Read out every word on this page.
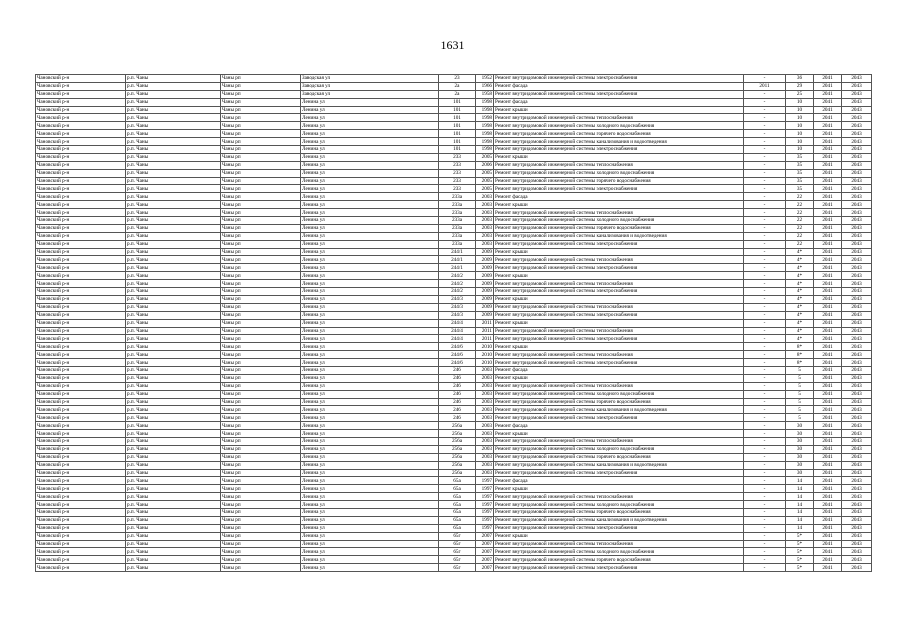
1631
Чановский р-н	р.п. Чаны	Чаны рп	Заводская ул	23	1952	Ремонт внутридомовой инженерной системы электроснабжения	-	36	2041	2043
Чановский р-н	р.п. Чаны	Чаны рп	Заводская ул	2а	1966	Ремонт фасада	2011	29	2041	2043
Чановский р-н	р.п. Чаны	Чаны рп	Заводская ул	2а	1958	Ремонт внутридомовой инженерной системы электроснабжения	-	25	2041	2043
Чановский р-н	р.п. Чаны	Чаны рп	Ленина ул	101	1998	Ремонт фасада	-	10	2041	2043
Чановский р-н	р.п. Чаны	Чаны рп	Ленина ул	101	1998	Ремонт крыши	-	10	2041	2043
Чановский р-н	р.п. Чаны	Чаны рп	Ленина ул	101	1998	Ремонт внутридомовой инженерной системы теплоснабжения	-	10	2041	2043
Чановский р-н	р.п. Чаны	Чаны рп	Ленина ул	101	1998	Ремонт внутридомовой инженерной системы холодного водоснабжения	-	10	2041	2043
Чановский р-н	р.п. Чаны	Чаны рп	Ленина ул	101	1998	Ремонт внутридомовой инженерной системы горячего водоснабжения	-	10	2041	2043
Чановский р-н	р.п. Чаны	Чаны рп	Ленина ул	101	1998	Ремонт внутридомовой инженерной системы канализования и водоотведения	-	10	2041	2043
Чановский р-н	р.п. Чаны	Чаны рп	Ленина ул	101	1998	Ремонт внутридомовой инженерной системы электроснабжения	-	10	2041	2043
Чановский р-н	р.п. Чаны	Чаны рп	Ленина ул	233	2005	Ремонт крыши	-	35	2041	2043
Чановский р-н	р.п. Чаны	Чаны рп	Ленина ул	233	2006	Ремонт внутридомовой инженерной системы теплоснабжения	-	35	2041	2043
Чановский р-н	р.п. Чаны	Чаны рп	Ленина ул	233	2005	Ремонт внутридомовой инженерной системы холодного водоснабжения	-	35	2041	2043
Чановский р-н	р.п. Чаны	Чаны рп	Ленина ул	233	2005	Ремонт внутридомовой инженерной системы горячего водоснабжения	-	35	2041	2043
Чановский р-н	р.п. Чаны	Чаны рп	Ленина ул	233	2005	Ремонт внутридомовой инженерной системы электроснабжения	-	35	2041	2043
Чановский р-н	р.п. Чаны	Чаны рп	Ленина ул	233а	2003	Ремонт фасада	-	22	2041	2043
Чановский р-н	р.п. Чаны	Чаны рп	Ленина ул	233а	2003	Ремонт крыши	-	22	2041	2043
Чановский р-н	р.п. Чаны	Чаны рп	Ленина ул	233а	2003	Ремонт внутридомовой инженерной системы теплоснабжения	-	22	2041	2043
Чановский р-н	р.п. Чаны	Чаны рп	Ленина ул	233а	2003	Ремонт внутридомовой инженерной системы холодного водоснабжения	-	22	2041	2043
Чановский р-н	р.п. Чаны	Чаны рп	Ленина ул	233а	2003	Ремонт внутридомовой инженерной системы горячего водоснабжения	-	22	2041	2043
Чановский р-н	р.п. Чаны	Чаны рп	Ленина ул	233а	2003	Ремонт внутридомовой инженерной системы канализования и водоотведения	-	22	2041	2043
Чановский р-н	р.п. Чаны	Чаны рп	Ленина ул	233а	2003	Ремонт внутридомовой инженерной системы электроснабжения	-	22	2041	2043
Чановский р-н	р.п. Чаны	Чаны рп	Ленина ул	244/1	2009	Ремонт крыши	-	4*	2041	2043
Чановский р-н	р.п. Чаны	Чаны рп	Ленина ул	244/1	2009	Ремонт внутридомовой инженерной системы теплоснабжения	-	4*	2041	2043
Чановский р-н	р.п. Чаны	Чаны рп	Ленина ул	244/1	2009	Ремонт внутридомовой инженерной системы электроснабжения	-	4*	2041	2043
Чановский р-н	р.п. Чаны	Чаны рп	Ленина ул	244/2	2009	Ремонт крыши	-	4*	2041	2043
Чановский р-н	р.п. Чаны	Чаны рп	Ленина ул	244/2	2009	Ремонт внутридомовой инженерной системы теплоснабжения	-	4*	2041	2043
Чановский р-н	р.п. Чаны	Чаны рп	Ленина ул	244/2	2009	Ремонт внутридомовой инженерной системы электроснабжения	-	4*	2041	2043
Чановский р-н	р.п. Чаны	Чаны рп	Ленина ул	244/3	2009	Ремонт крыши	-	4*	2041	2043
Чановский р-н	р.п. Чаны	Чаны рп	Ленина ул	244/3	2009	Ремонт внутридомовой инженерной системы теплоснабжения	-	4*	2041	2043
Чановский р-н	р.п. Чаны	Чаны рп	Ленина ул	244/3	2009	Ремонт внутридомовой инженерной системы электроснабжения	-	4*	2041	2043
Чановский р-н	р.п. Чаны	Чаны рп	Ленина ул	244/4	2011	Ремонт крыши	-	4*	2041	2043
Чановский р-н	р.п. Чаны	Чаны рп	Ленина ул	244/4	2011	Ремонт внутридомовой инженерной системы теплоснабжения	-	4*	2041	2043
Чановский р-н	р.п. Чаны	Чаны рп	Ленина ул	244/4	2011	Ремонт внутридомовой инженерной системы электроснабжения	-	4*	2041	2043
Чановский р-н	р.п. Чаны	Чаны рп	Ленина ул	244/6	2010	Ремонт крыши	-	8*	2041	2043
Чановский р-н	р.п. Чаны	Чаны рп	Ленина ул	244/6	2010	Ремонт внутридомовой инженерной системы теплоснабжения	-	8*	2041	2043
Чановский р-н	р.п. Чаны	Чаны рп	Ленина ул	244/6	2010	Ремонт внутридомовой инженерной системы электроснабжения	-	8*	2041	2043
Чановский р-н	р.п. Чаны	Чаны рп	Ленина ул	246	2003	Ремонт фасада	-	5	2041	2043
Чановский р-н	р.п. Чаны	Чаны рп	Ленина ул	246	2003	Ремонт крыши	-	5	2041	2043
Чановский р-н	р.п. Чаны	Чаны рп	Ленина ул	246	2003	Ремонт внутридомовой инженерной системы теплоснабжения	-	5	2041	2043
Чановский р-н	р.п. Чаны	Чаны рп	Ленина ул	246	2003	Ремонт внутридомовой инженерной системы холодного водоснабжения	-	5	2041	2043
Чановский р-н	р.п. Чаны	Чаны рп	Ленина ул	246	2003	Ремонт внутридомовой инженерной системы горячего водоснабжения	-	5	2041	2043
Чановский р-н	р.п. Чаны	Чаны рп	Ленина ул	246	2003	Ремонт внутридомовой инженерной системы канализования и водоотведения	-	5	2041	2043
Чановский р-н	р.п. Чаны	Чаны рп	Ленина ул	246	2003	Ремонт внутридомовой инженерной системы электроснабжения	-	5	2041	2043
Чановский р-н	р.п. Чаны	Чаны рп	Ленина ул	256а	2003	Ремонт фасада	-	30	2041	2043
Чановский р-н	р.п. Чаны	Чаны рп	Ленина ул	256а	2003	Ремонт крыши	-	30	2041	2043
Чановский р-н	р.п. Чаны	Чаны рп	Ленина ул	256а	2003	Ремонт внутридомовой инженерной системы теплоснабжения	-	30	2041	2043
Чановский р-н	р.п. Чаны	Чаны рп	Ленина ул	256а	2003	Ремонт внутридомовой инженерной системы холодного водоснабжения	-	30	2041	2043
Чановский р-н	р.п. Чаны	Чаны рп	Ленина ул	256а	2003	Ремонт внутридомовой инженерной системы горячего водоснабжения	-	30	2041	2043
Чановский р-н	р.п. Чаны	Чаны рп	Ленина ул	256а	2003	Ремонт внутридомовой инженерной системы канализования и водоотведения	-	30	2041	2043
Чановский р-н	р.п. Чаны	Чаны рп	Ленина ул	256а	2003	Ремонт внутридомовой инженерной системы электроснабжения	-	30	2041	2043
Чановский р-н	р.п. Чаны	Чаны рп	Ленина ул	65а	1997	Ремонт фасада	-	14	2041	2043
Чановский р-н	р.п. Чаны	Чаны рп	Ленина ул	65а	1997	Ремонт крыши	-	14	2041	2043
Чановский р-н	р.п. Чаны	Чаны рп	Ленина ул	65а	1997	Ремонт внутридомовой инженерной системы теплоснабжения	-	14	2041	2043
Чановский р-н	р.п. Чаны	Чаны рп	Ленина ул	65а	1997	Ремонт внутридомовой инженерной системы холодного водоснабжения	-	14	2041	2043
Чановский р-н	р.п. Чаны	Чаны рп	Ленина ул	65а	1997	Ремонт внутридомовой инженерной системы горячего водоснабжения	-	14	2041	2043
Чановский р-н	р.п. Чаны	Чаны рп	Ленина ул	65а	1997	Ремонт внутридомовой инженерной системы канализования и водоотведения	-	14	2041	2043
Чановский р-н	р.п. Чаны	Чаны рп	Ленина ул	65а	1997	Ремонт внутридомовой инженерной системы электроснабжения	-	14	2041	2043
Чановский р-н	р.п. Чаны	Чаны рп	Ленина ул	65г	2007	Ремонт крыши	-	5*	2041	2043
Чановский р-н	р.п. Чаны	Чаны рп	Ленина ул	65г	2007	Ремонт внутридомовой инженерной системы теплоснабжения	-	5*	2041	2043
Чановский р-н	р.п. Чаны	Чаны рп	Ленина ул	65г	2007	Ремонт внутридомовой инженерной системы холодного водоснабжения	-	5*	2041	2043
Чановский р-н	р.п. Чаны	Чаны рп	Ленина ул	65г	2007	Ремонт внутридомовой инженерной системы горячего водоснабжения	-	5*	2041	2043
Чановский р-н	р.п. Чаны	Чаны рп	Ленина ул	65г	2007	Ремонт внутридомовой инженерной системы электроснабжения	-	5*	2041	2043
